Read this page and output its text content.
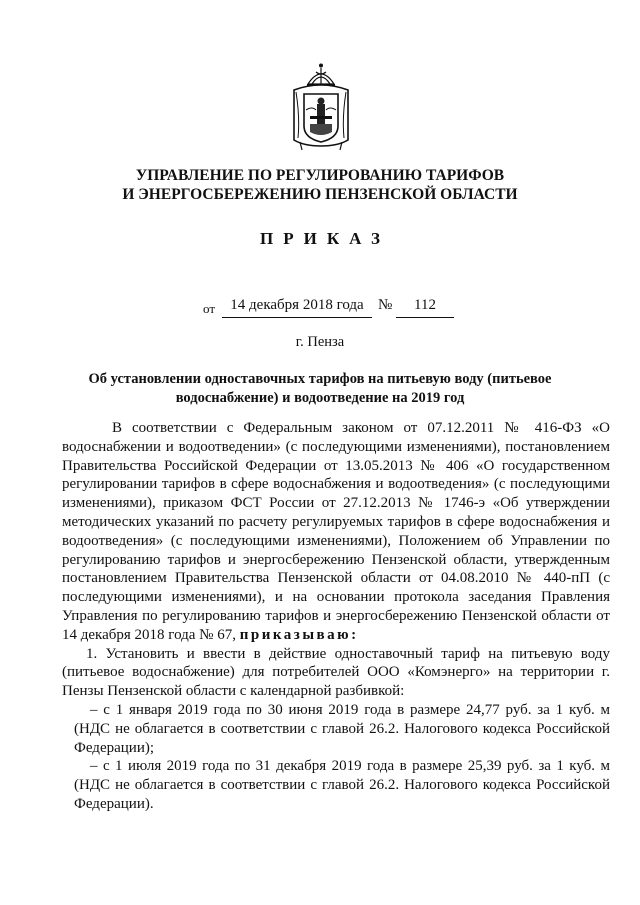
УПРАВЛЕНИЕ ПО РЕГУЛИРОВАНИЮ ТАРИФОВ
И ЭНЕРГОСБЕРЕЖЕНИЮ ПЕНЗЕНСКОЙ ОБЛАСТИ
ПРИКАЗ
от	14 декабря 2018 года №	112
г. Пенза
Об установлении одноставочных тарифов на питьевую воду (питьевое водоснабжение) и водоотведение на 2019 год

В соответствии с Федеральным законом от 07.12.2011 № 416-ФЗ «О водоснабжении и водоотведении» (с последующими изменениями), постановлением Правительства Российской Федерации от 13.05.2013 № 406 «О государственном регулировании тарифов в сфере водоснабжения и водоотведения» (с последующими изменениями), приказом ФСТ России от 27.12.2013 № 1746-э «Об утверждении методических указаний по расчету регулируемых тарифов в сфере водоснабжения и водоотведения» (с последующими изменениями), Положением об Управлении по регулированию тарифов и энергосбережению Пензенской области, утвержденным постановлением Правительства Пензенской области от 04.08.2010 № 440-пП (с последующими изменениями), и на основании протокола заседания Правления Управления по регулированию тарифов и энергосбережению Пензенской области от 14 декабря 2018 года № 67, приказываю:

1. Установить и ввести в действие одноставочный тариф на питьевую воду (питьевое водоснабжение) для потребителей ООО «Комэнерго» на территории г. Пензы Пензенской области с календарной разбивкой:

– с 1 января 2019 года по 30 июня 2019 года в размере 24,77 руб. за 1 куб. м (НДС не облагается в соответствии с главой 26.2. Налогового кодекса Российской Федерации);

– с 1 июля 2019 года по 31 декабря 2019 года в размере 25,39 руб. за 1 куб. м (НДС не облагается в соответствии с главой 26.2. Налогового кодекса Российской Федерации).
